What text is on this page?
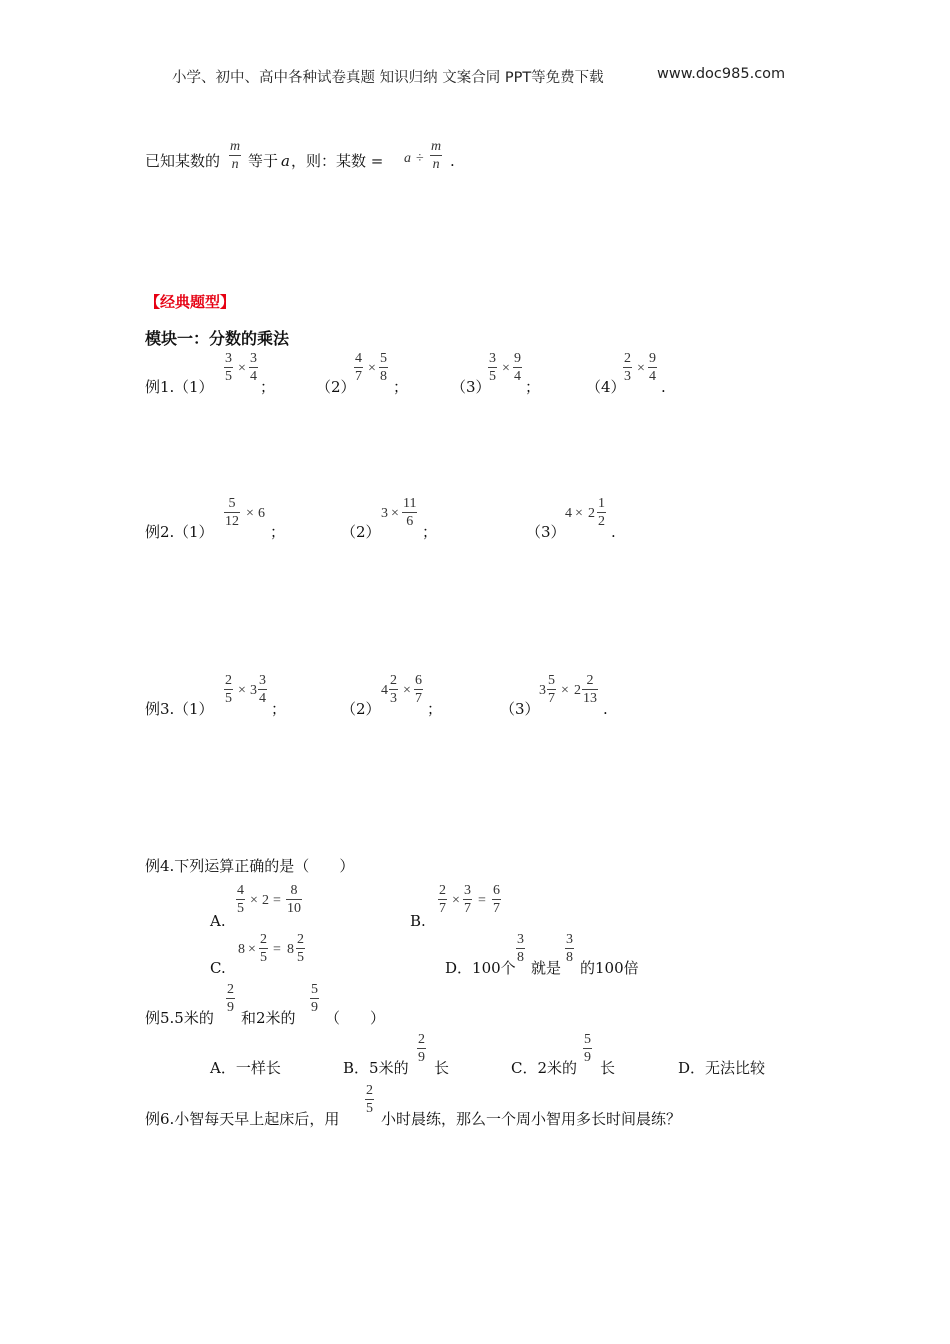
小学、初中、高中各种试卷真题 知识归纳 文案合同 PPT等免费下载	www.doc985.com
已知某数的
m
n 等于 a ，则：某数 = a ÷
m
n .
【经典题型】
模块一：分数的乘法
例1. （1）
3
5
×
3
4
；	（2）
4
7
×
5
8
；	（3）
3
5
×
9
4
；	（4）
2
3
×
9
4
.
例2. （1）
5
12
× 6
；	（2）
3 ×
11
6
；	（3）
4 × 2
1
2
.
例3. （1）
2
5
× 3
3
4
；	（2）
4
2
3
×
6
7
；	（3）
3
5
7
× 2
2
13
.
例4.下列运算正确的是（　　）
A.
4
5
× 2 =
8
10
B.
2
7
×
3
7
=
6
7
C.
8 ×
2
5
= 8
2
5
D．100个
3
8
就是
3
8
的100倍
例5.5米的
2
9
和2米的
5
9
（　　）
A．一样长	B．5米的
2
9
长	C．2米的
5
9
长	D．无法比较
例6.小智每天早上起床后，用
2
5
小时晨练，那么一个周小智用多长时间晨练？
